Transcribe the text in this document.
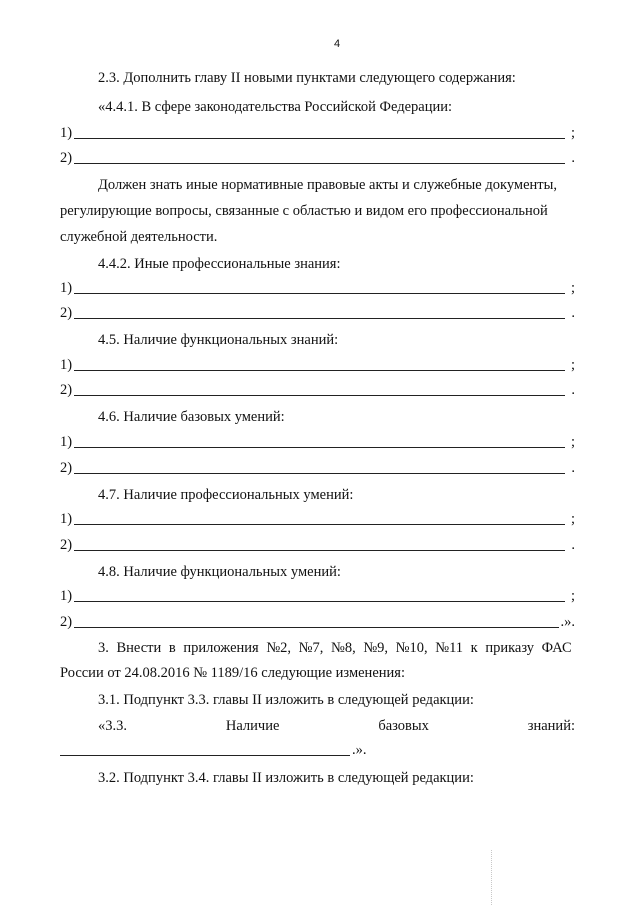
4
2.3. Дополнить главу II новыми пунктами следующего содержания:
«4.4.1. В сфере законодательства Российской Федерации:
1)	;
2)	.
Должен знать иные нормативные правовые акты и служебные документы,
регулирующие вопросы, связанные с областью и видом его профессиональной
служебной деятельности.
4.4.2. Иные профессиональные знания:
1)	;
2)	.
4.5. Наличие функциональных знаний:
1)	;
2)	.
4.6. Наличие базовых умений:
1)	;
2)	.
4.7. Наличие профессиональных умений:
1)	;
2)	.
4.8. Наличие функциональных умений:
1)	;
2)	.».
3. Внести в приложения №2, №7, №8, №9, №10, №11 к приказу ФАС
России от 24.08.2016 № 1189/16 следующие изменения:
3.1. Подпункт 3.3. главы II изложить в следующей редакции:
«3.3.	Наличие	базовых	знаний:
.».
3.2. Подпункт 3.4. главы II изложить в следующей редакции:
